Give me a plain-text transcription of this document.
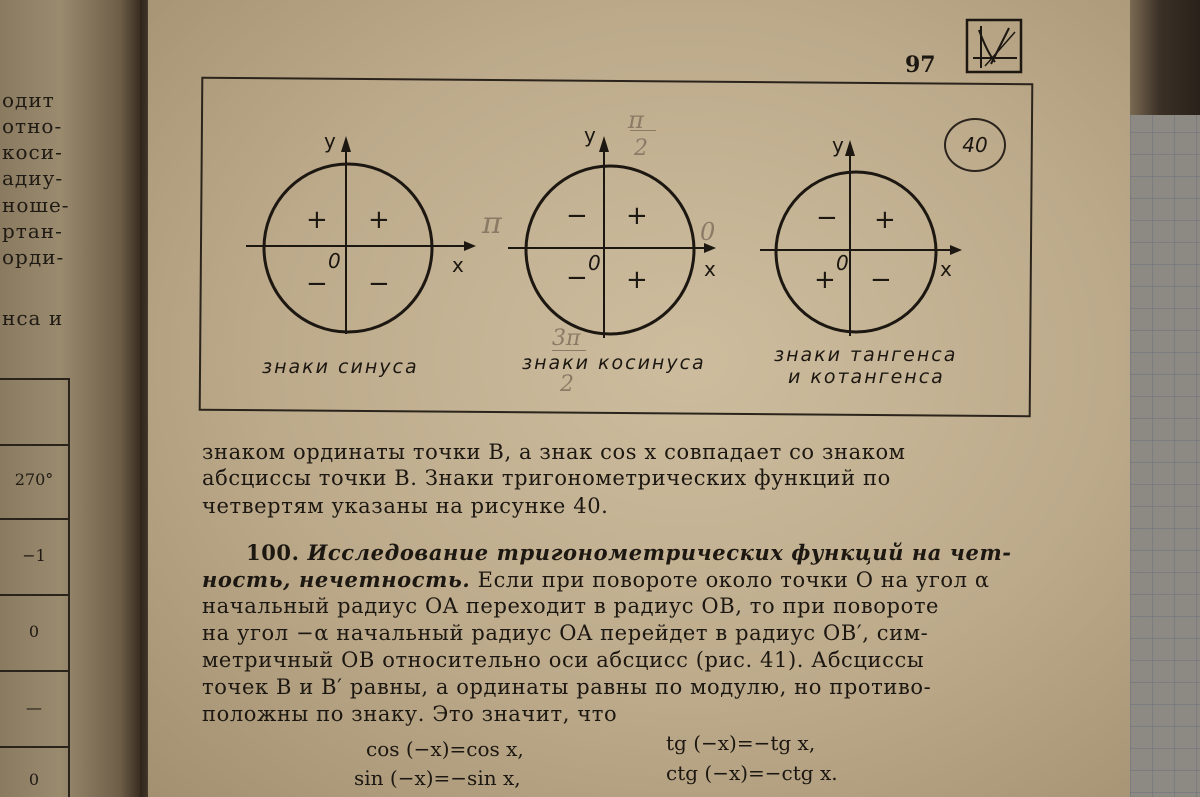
одит
отно-
коси-
адиу-
ноше-
ртан-
орди-
нса и
270°
−1
0
—
0
97
40
y
x
0
+
+
− −
знаки синуса
y
x
0
+
−
− +
знаки косинуса
π
2
π	0
3π
2
y
x
0
+
−
+ −
знаки тангенса
и котангенса
знаком ординаты точки B, а знак cos x совпадает со знаком
абсциссы точки B. Знаки тригонометрических функций по
четвертям указаны на рисунке 40.
100. Исследование тригонометрических функций на чет-
ность, нечетность. Если при повороте около точки O на угол α
начальный радиус OA переходит в радиус OB, то при повороте
на угол −α начальный радиус OA перейдет в радиус OB′, сим-
метричный OB относительно оси абсцисс (рис. 41). Абсциссы
точек B и B′ равны, а ординаты равны по модулю, но противо-
положны по знаку. Это значит, что
cos (−x)=cos x,	tg (−x)=−tg x,
sin (−x)=−sin x,	ctg (−x)=−ctg x.
